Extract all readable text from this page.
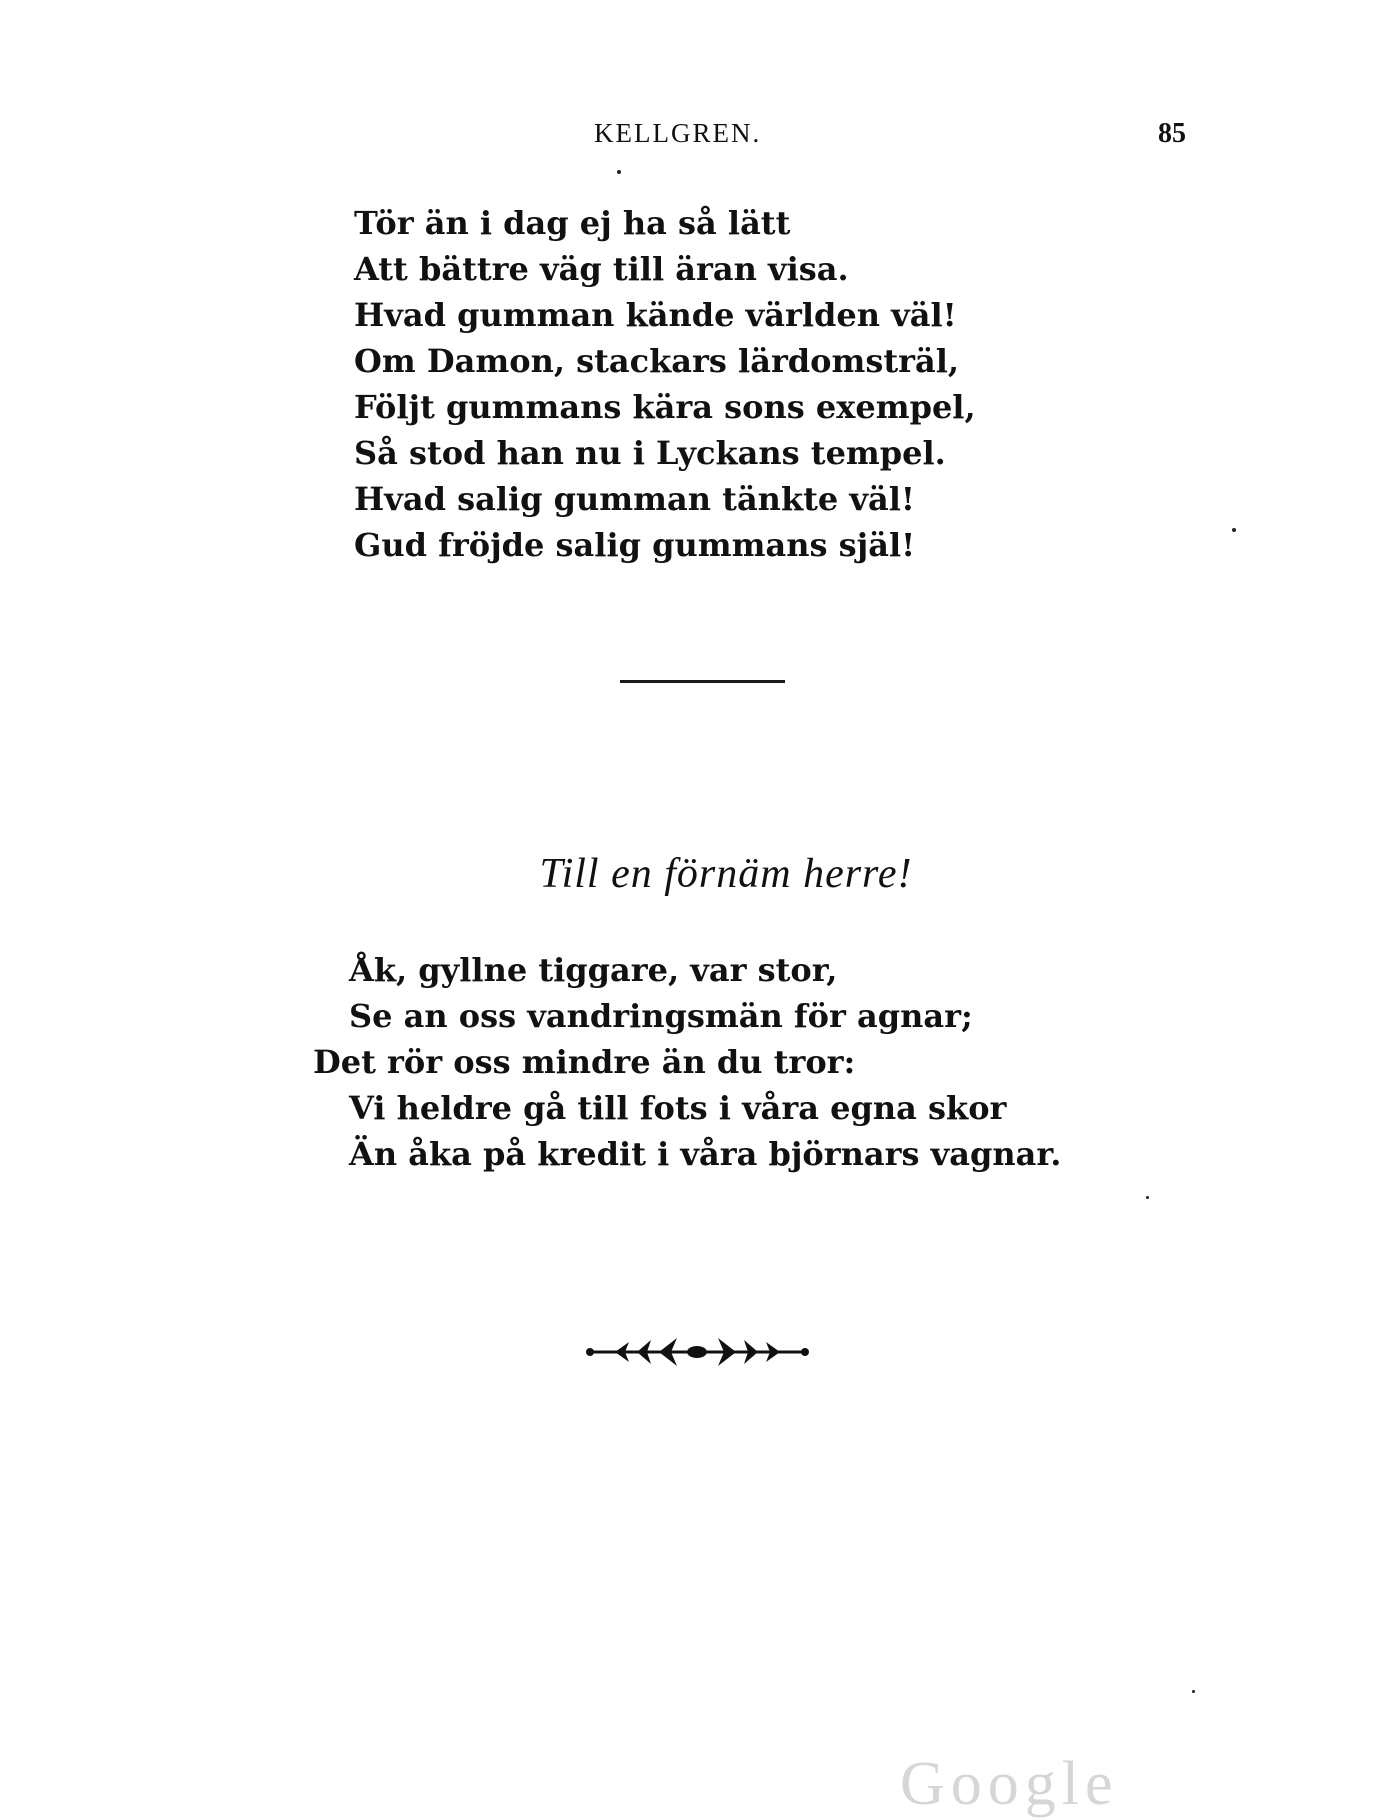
KELLGREN.	85
Tör än i dag ej ha så lätt
Att bättre väg till äran visa.
Hvad gumman kände världen väl!
Om Damon, stackars lärdomsträl,
Följt gummans kära sons exempel,
Så stod han nu i Lyckans tempel.
Hvad salig gumman tänkte väl!
Gud fröjde salig gummans själ!
Till en förnäm herre!
Åk, gyllne tiggare, var stor,
Se an oss vandringsmän för agnar;
Det rör oss mindre än du tror:
Vi heldre gå till fots i våra egna skor
Än åka på kredit i våra björnars vagnar.
Google
